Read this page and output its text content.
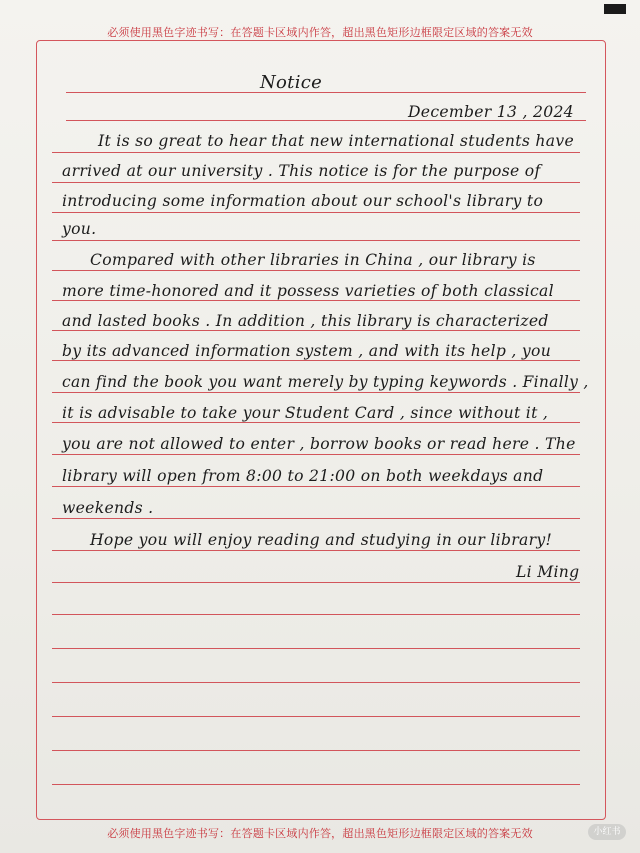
必须使用黑色字迹书写：在答题卡区域内作答，超出黑色矩形边框限定区域的答案无效
Notice
December 13 , 2024
It is so great to hear that new international students have
arrived at our university . This notice is for the purpose of
introducing some information about our school's library to
you.
Compared with other libraries in China , our library is
more time-honored and it possess varieties of both classical
and lasted books . In addition , this library is characterized
by its advanced information system , and with its help , you
can find the book you want merely by typing keywords . Finally ,
it is advisable to take your Student Card , since without it ,
you are not allowed to enter , borrow books or read here . The
library will open from 8:00 to 21:00 on both weekdays and
weekends .
Hope you will enjoy reading and studying in our library!
Li Ming
必须使用黑色字迹书写：在答题卡区域内作答，超出黑色矩形边框限定区域的答案无效	小红书
